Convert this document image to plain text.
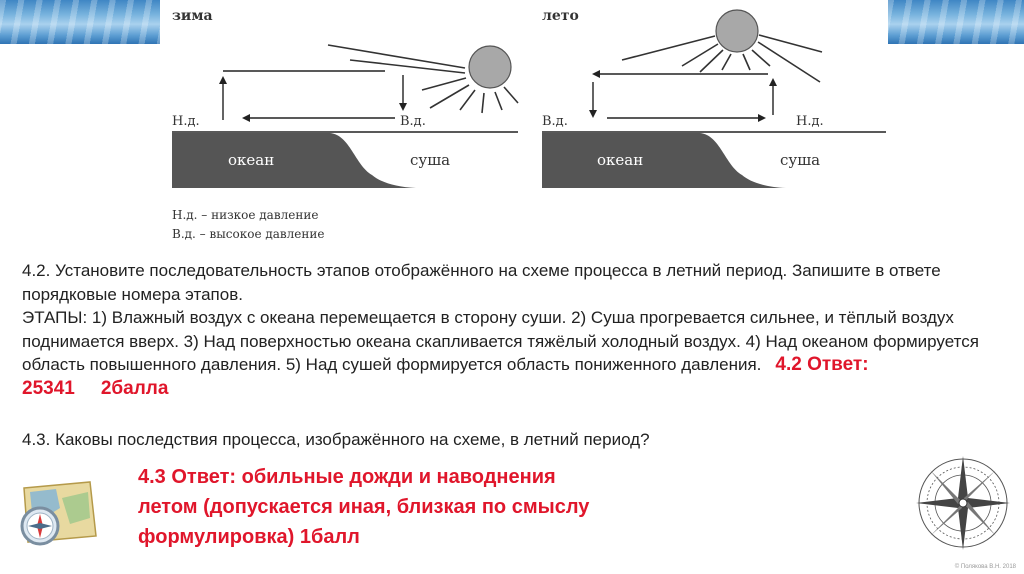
зима
океан	суша
Н.д.	В.д.
лето
океан	суша
В.д.	Н.д.
Н.д. – низкое давление
В.д. – высокое давление
4.2. Установите последовательность этапов отображённого на схеме процесса в летний период. Запишите в ответе порядковые номера этапов.
ЭТАПЫ: 1) Влажный воздух с океана перемещается в сторону суши. 2) Суша прогревается сильнее, и тёплый воздух поднимается вверх. 3) Над поверхностью океана скапливается тяжёлый холодный воздух. 4) Над океаном формируется область повышенного давления. 5) Над сушей формируется область пониженного давления. 4.2 Ответ: 25341 2балла
4.3. Каковы последствия процесса, изображённого на схеме, в летний период?
4.3 Ответ: обильные дожди и наводнения
летом (допускается иная, близкая по смыслу
формулировка) 1балл
© Полякова В.Н. 2018
